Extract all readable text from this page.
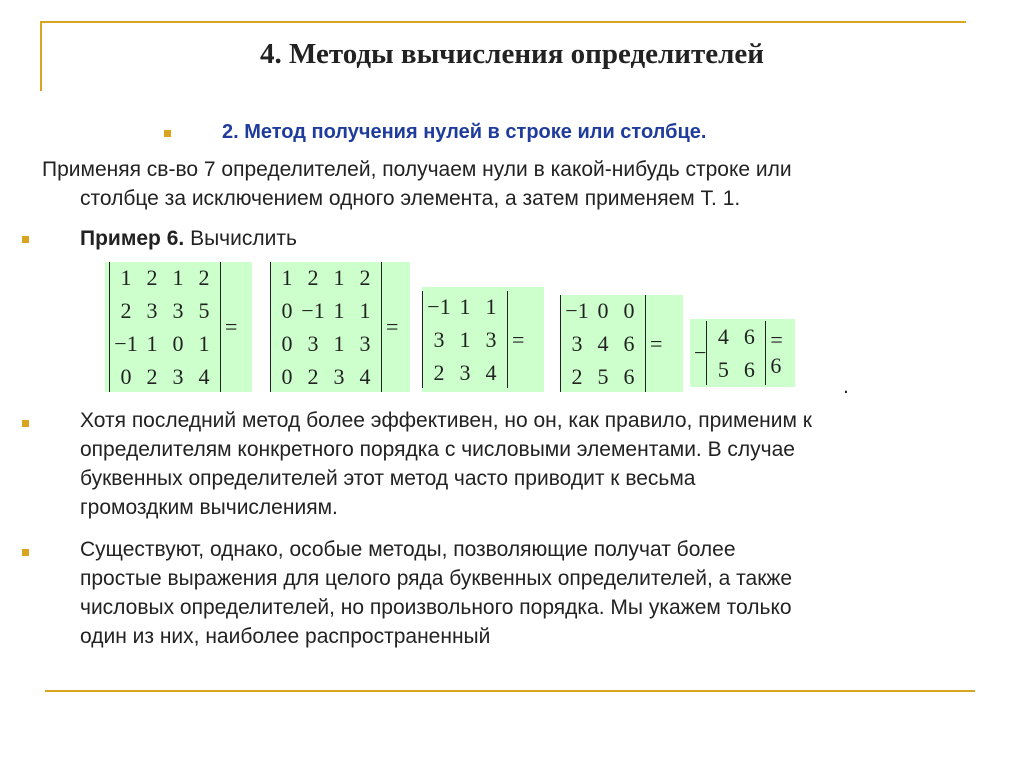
4. Методы вычисления определителей
2. Метод получения нулей в строке или столбце.
Применяя св-во 7 определителей, получаем нули в какой-нибудь строке или
столбце за исключением одного элемента, а затем применяем Т. 1.
Пример 6. Вычислить
1 2 1 2
2 3 3 5
−1 1 0 1
0 2 3 4
=
1 2 1 2
0 −1 1 1
0 3 1 3
0 2 3 4
=
−1 1 1
3 1 3
2 3 4
=
−1 0 0
3 4 6
2 5 6
= −
4 6
5 6
= 6
.
Хотя последний метод более эффективен, но он, как правило, применим к
определителям конкретного порядка с числовыми элементами. В случае
буквенных определителей этот метод часто приводит к весьма
громоздким вычислениям.
Существуют, однако, особые методы, позволяющие получат более
простые выражения для целого ряда буквенных определителей, а также
числовых определителей, но произвольного порядка. Мы укажем только
один из них, наиболее распространенный
